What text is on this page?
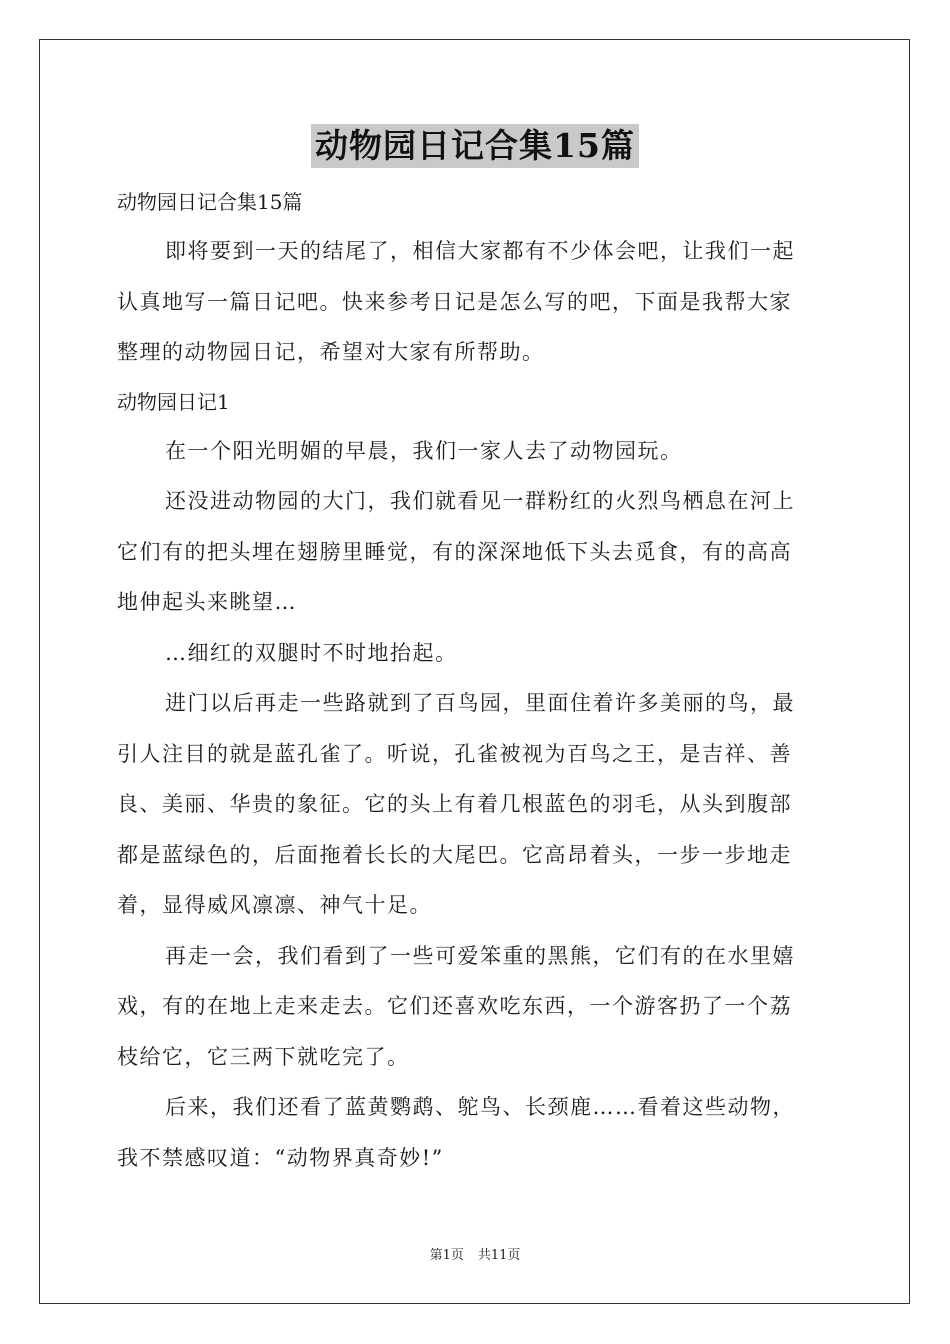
动物园日记合集15篇
动物园日记合集15篇
即将要到一天的结尾了，相信大家都有不少体会吧，让我们一起
认真地写一篇日记吧。快来参考日记是怎么写的吧，下面是我帮大家
整理的动物园日记，希望对大家有所帮助。
动物园日记1
在一个阳光明媚的早晨，我们一家人去了动物园玩。
还没进动物园的大门，我们就看见一群粉红的火烈鸟栖息在河上
它们有的把头埋在翅膀里睡觉，有的深深地低下头去觅食，有的高高
地伸起头来眺望…
…细红的双腿时不时地抬起。
进门以后再走一些路就到了百鸟园，里面住着许多美丽的鸟，最
引人注目的就是蓝孔雀了。听说，孔雀被视为百鸟之王，是吉祥、善
良、美丽、华贵的象征。它的头上有着几根蓝色的羽毛，从头到腹部
都是蓝绿色的，后面拖着长长的大尾巴。它高昂着头，一步一步地走
着，显得威风凛凛、神气十足。
再走一会，我们看到了一些可爱笨重的黑熊，它们有的在水里嬉
戏，有的在地上走来走去。它们还喜欢吃东西，一个游客扔了一个荔
枝给它，它三两下就吃完了。
后来，我们还看了蓝黄鹦鹉、鸵鸟、长颈鹿……看着这些动物，
我不禁感叹道：“动物界真奇妙!”
第1页 共11页
